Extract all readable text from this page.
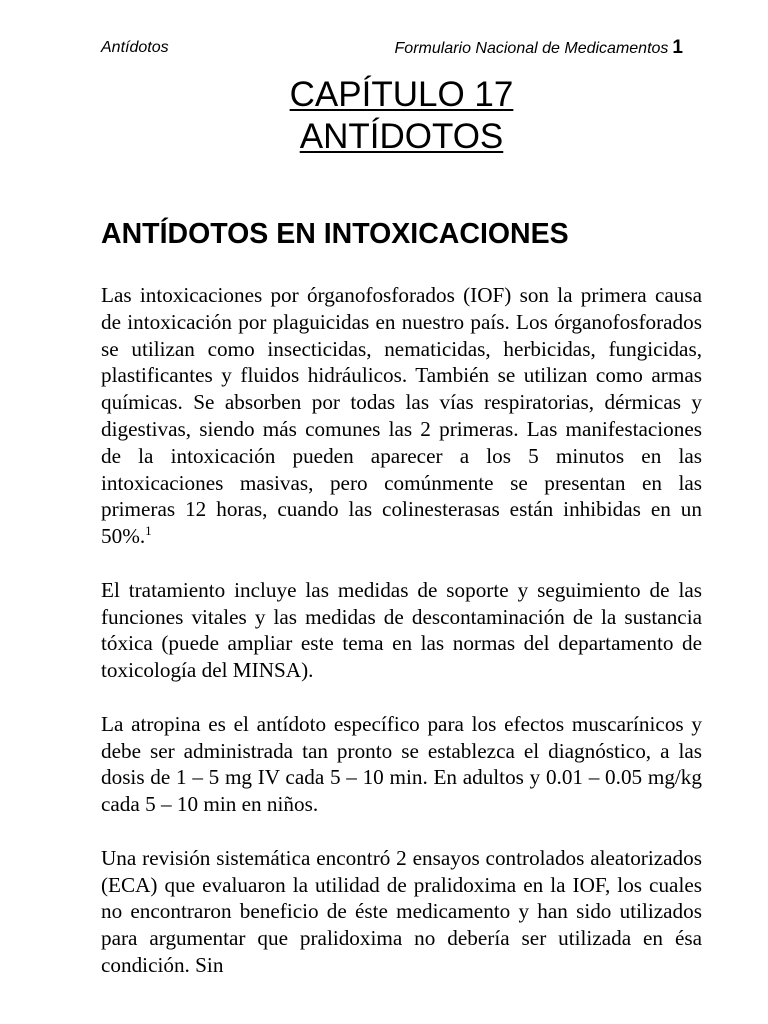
Antídotos	Formulario Nacional de Medicamentos 1
CAPÍTULO 17
ANTÍDOTOS
ANTÍDOTOS EN INTOXICACIONES

Las intoxicaciones por órganofosforados (IOF) son la primera causa de intoxicación por plaguicidas en nuestro país. Los órganofosforados se utilizan como insecticidas, nematicidas, herbicidas, fungicidas, plastificantes y fluidos hidráulicos. También se utilizan como armas químicas. Se absorben por todas las vías respiratorias, dérmicas y digestivas, siendo más comunes las 2 primeras. Las manifestaciones de la intoxicación pueden aparecer a los 5 minutos en las intoxicaciones masivas, pero comúnmente se presentan en las primeras 12 horas, cuando las colinesterasas están inhibidas en un 50%.$^1$

El tratamiento incluye las medidas de soporte y seguimiento de las funciones vitales y las medidas de descontaminación de la sustancia tóxica (puede ampliar este tema en las normas del departamento de toxicología del MINSA).

La atropina es el antídoto específico para los efectos muscarínicos y debe ser administrada tan pronto se establezca el diagnóstico, a las dosis de 1 – 5 mg IV cada 5 – 10 min. En adultos y 0.01 – 0.05 mg/kg cada 5 – 10 min en niños.

Una revisión sistemática encontró 2 ensayos controlados aleatorizados (ECA) que evaluaron la utilidad de pralidoxima en la IOF, los cuales no encontraron beneficio de éste medicamento y han sido utilizados para argumentar que pralidoxima no debería ser utilizada en ésa condición. Sin
